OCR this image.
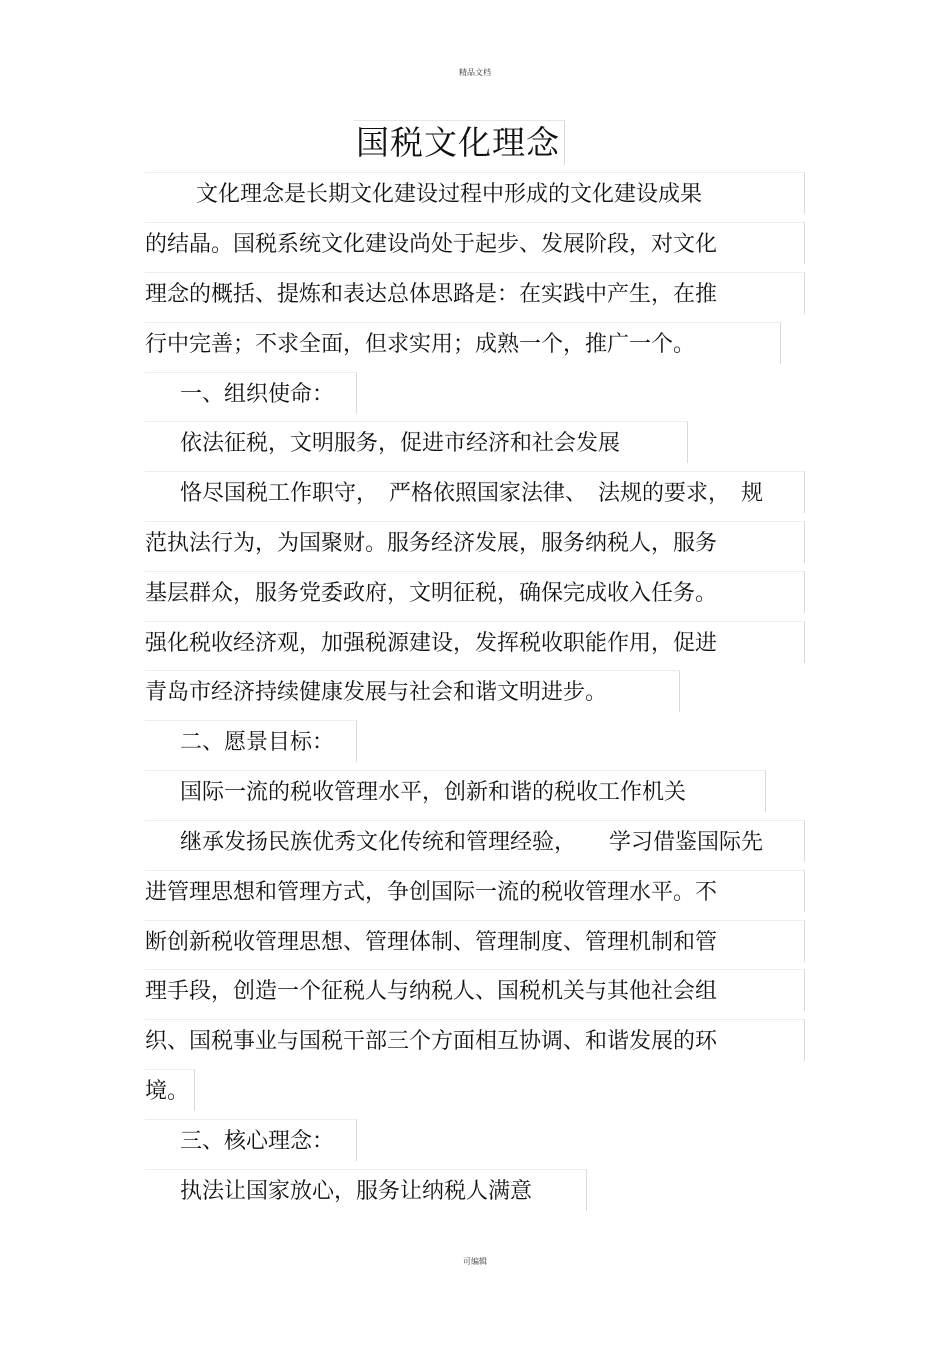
精品文档
国税文化理念
文化理念是长期文化建设过程中形成的文化建设成果
的结晶。国税系统文化建设尚处于起步、发展阶段，对文化
理念的概括、提炼和表达总体思路是：在实践中产生，在推
行中完善；不求全面，但求实用；成熟一个，推广一个。
一、组织使命：
依法征税，文明服务，促进市经济和社会发展
恪尽国税工作职守，　严格依照国家法律、　法规的要求，　规
范执法行为，为国聚财。服务经济发展，服务纳税人，服务
基层群众，服务党委政府，文明征税，确保完成收入任务。
强化税收经济观，加强税源建设，发挥税收职能作用，促进
青岛市经济持续健康发展与社会和谐文明进步。
二、愿景目标：
国际一流的税收管理水平，创新和谐的税收工作机关
继承发扬民族优秀文化传统和管理经验，　　学习借鉴国际先
进管理思想和管理方式，争创国际一流的税收管理水平。不
断创新税收管理思想、管理体制、管理制度、管理机制和管
理手段，创造一个征税人与纳税人、国税机关与其他社会组
织、国税事业与国税干部三个方面相互协调、和谐发展的环
境。
三、核心理念：
执法让国家放心，服务让纳税人满意
可编辑
